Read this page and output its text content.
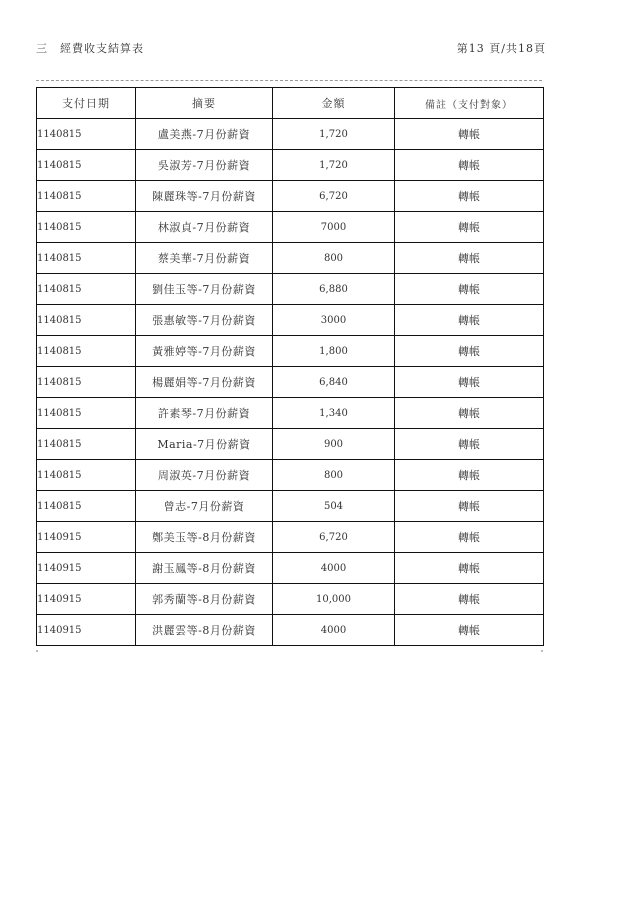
三　經費收支結算表	第13 頁/共18頁
支付日期	摘要	金額	備註（支付對象）
1140815	盧美燕-7月份薪資	1,720	轉帳
1140815	吳淑芳-7月份薪資	1,720	轉帳
1140815	陳麗珠等-7月份薪資	6,720	轉帳
1140815	林淑貞-7月份薪資	7000	轉帳
1140815	蔡美華-7月份薪資	800	轉帳
1140815	劉佳玉等-7月份薪資	6,880	轉帳
1140815	張惠敏等-7月份薪資	3000	轉帳
1140815	黃雅婷等-7月份薪資	1,800	轉帳
1140815	楊麗娟等-7月份薪資	6,840	轉帳
1140815	許素琴-7月份薪資	1,340	轉帳
1140815	Maria-7月份薪資	900	轉帳
1140815	周淑英-7月份薪資	800	轉帳
1140815	曾志-7月份薪資	504	轉帳
1140915	鄭美玉等-8月份薪資	6,720	轉帳
1140915	謝玉鳳等-8月份薪資	4000	轉帳
1140915	郭秀蘭等-8月份薪資	10,000	轉帳
1140915	洪麗雲等-8月份薪資	4000	轉帳
